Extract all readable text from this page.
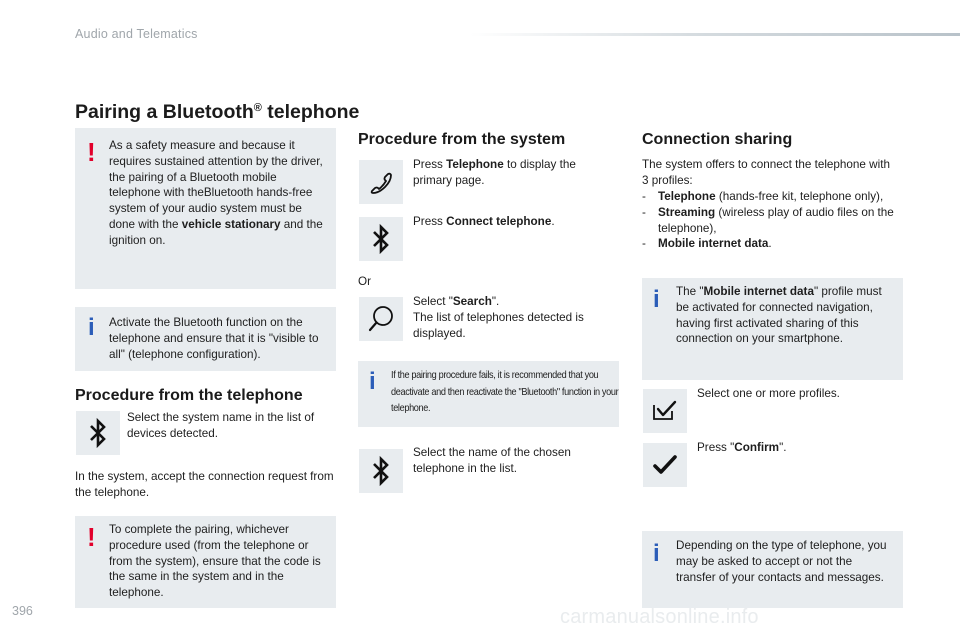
Audio and Telematics
Pairing a Bluetooth® telephone
! As a safety measure and because it requires sustained attention by the driver, the pairing of a Bluetooth mobile telephone with theBluetooth hands-free system of your audio system must be done with the vehicle stationary and the ignition on.
i Activate the Bluetooth function on the telephone and ensure that it is "visible to all" (telephone configuration).
Procedure from the telephone
Select the system name in the list of devices detected.
In the system, accept the connection request from the telephone.
! To complete the pairing, whichever procedure used (from the telephone or from the system), ensure that the code is the same in the system and in the telephone.
Procedure from the system
Press Telephone to display the primary page.
Press Connect telephone.
Or
Select "Search".
The list of telephones detected is displayed.
i If the pairing procedure fails, it is recommended that you deactivate and then reactivate the "Bluetooth" function in your telephone.
Select the name of the chosen telephone in the list.
Connection sharing
The system offers to connect the telephone with 3 profiles:
- Telephone (hands-free kit, telephone only),
- Streaming (wireless play of audio files on the telephone),
- Mobile internet data.
i The "Mobile internet data" profile must be activated for connected navigation, having first activated sharing of this connection on your smartphone.
Select one or more profiles.
Press "Confirm".
i Depending on the type of telephone, you may be asked to accept or not the transfer of your contacts and messages.
396	carmanualsonline.info
